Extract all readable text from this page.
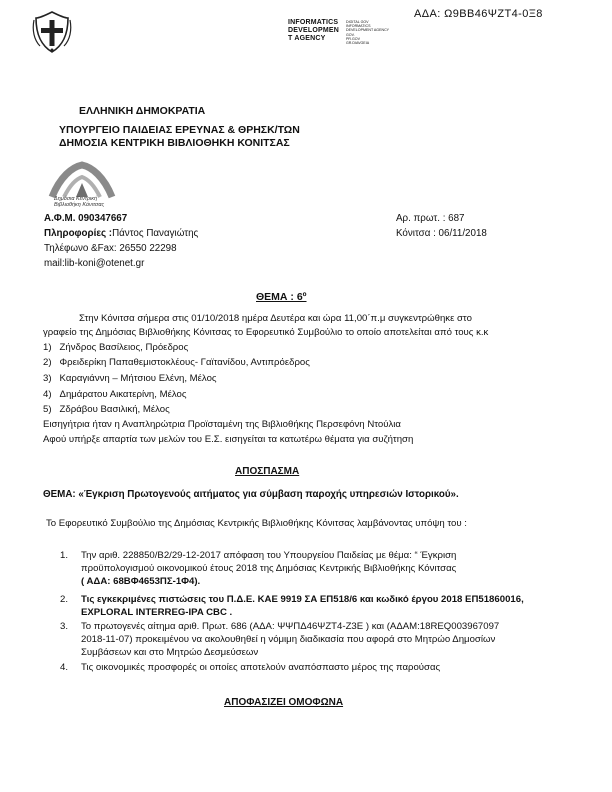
ΑΔΑ: Ω9ΒΒ46ΨΖΤ4-0Ξ8
INFORMATICS
DEVELOPMEN
T AGENCY
DIGITAL GOV
INFORMATICS
DEVELOPMENT AGENCY
GOV.
PR.GOV
GR.DIAVGEIA
ΕΛΛΗΝΙΚΗ ΔΗΜΟΚΡΑΤΙΑ
ΥΠΟΥΡΓΕΙΟ ΠΑΙΔΕΙΑΣ ΕΡΕΥΝΑΣ & ΘΡΗΣΚ/ΤΩΝ
ΔΗΜΟΣΙΑ ΚΕΝΤΡΙΚΗ ΒΙΒΛΙΟΘΗΚΗ ΚΟΝΙΤΣΑΣ
Δημόσια Κεντρική
Βιβλιοθήκη Κόνιτσας
Α.Φ.Μ. 090347667
Πληροφορίες :Πάντος Παναγιώτης
Τηλέφωνο &Fax: 26550 22298
mail:lib-koni@otenet.gr
Αρ. πρωτ. : 687
Κόνιτσα : 06/11/2018
ΘΕΜΑ : 6º
Στην Κόνιτσα σήμερα στις 01/10/2018 ημέρα Δευτέρα και ώρα 11,00΄π.μ συγκεντρώθηκε στο
γραφείο της Δημόσιας Βιβλιοθήκης Κόνιτσας το Εφορευτικό Συμβούλιο το οποίο αποτελείται από τους κ.κ
1) Ζήνδρος Βασίλειος, Πρόεδρος
2) Φρειδερίκη Παπαθεμιστοκλέους- Γαϊτανίδου, Αντιπρόεδρος
3) Καραγιάννη – Μήτσιου Ελένη, Μέλος
4) Δημάρατου Αικατερίνη, Μέλος
5) Ζδράβου Βασιλική, Μέλος
Εισηγήτρια ήταν η Αναπληρώτρια Προϊσταμένη της Βιβλιοθήκης Περσεφόνη Ντούλια
Αφού υπήρξε απαρτία των μελών του Ε.Σ. εισηγείται τα κατωτέρω θέματα για συζήτηση
ΑΠΟΣΠΑΣΜΑ
ΘΕΜΑ: «Έγκριση Πρωτογενούς αιτήματος για σύμβαση παροχής υπηρεσιών Ιστορικού».
Το Εφορευτικό Συμβούλιο της Δημόσιας Κεντρικής Βιβλιοθήκης Κόνιτσας λαμβάνοντας υπόψη του :
1. Την αριθ. 228850/Β2/29-12-2017 απόφαση του Υπουργείου Παιδείας με θέμα: “ Έγκριση
προϋπολογισμού οικονομικού έτους 2018 της Δημόσιας Κεντρικής Βιβλιοθήκης Κόνιτσας
( ΑΔΑ: 68ΒΦ4653ΠΣ-1Φ4).
2. Τις εγκεκριμένες πιστώσεις του Π.Δ.Ε. ΚΑΕ 9919 ΣΑ ΕΠ518/6 και κωδικό έργου 2018 ΕΠ51860016,
EXPLORAL INTERREG-IPA CBC .
3. Το πρωτογενές αίτημα αριθ. Πρωτ. 686 (ΑΔΑ: ΨΨΠΔ46ΨΖΤ4-Ζ3Ε ) και (ΑΔΑΜ:18REQ003967097
2018-11-07) προκειμένου να ακολουθηθεί η νόμιμη διαδικασία που αφορά στο Μητρώο Δημοσίων
Συμβάσεων και στο Μητρώο Δεσμεύσεων
4. Τις οικονομικές προσφορές οι οποίες αποτελούν αναπόσπαστο μέρος της παρούσας
ΑΠΟΦΑΣΙΖΕΙ ΟΜΟΦΩΝΑ
